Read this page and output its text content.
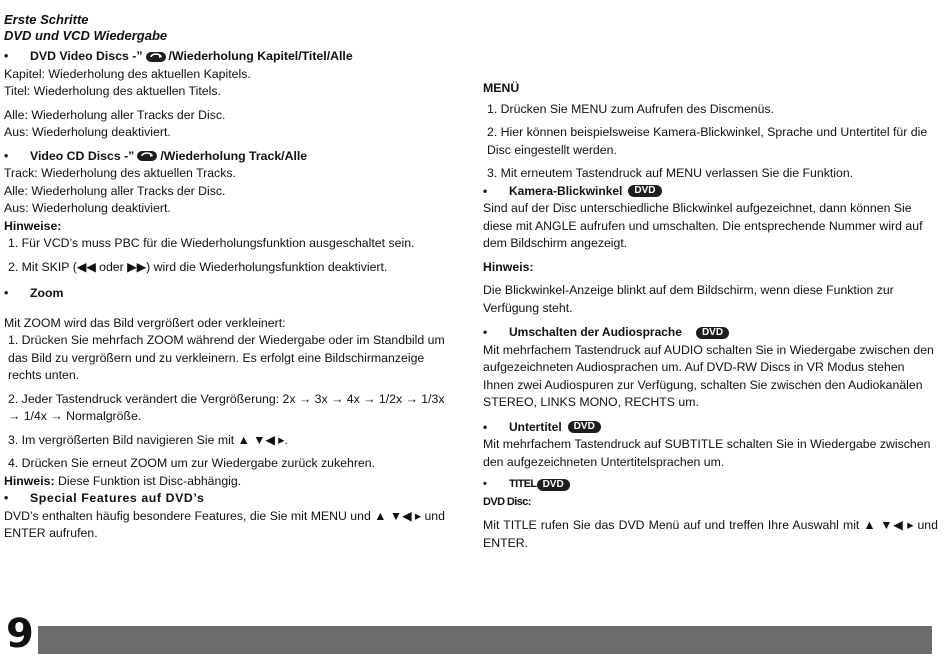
Erste Schritte
DVD und VCD Wiedergabe
•	DVD Video Discs -” /Wiederholung Kapitel/Titel/Alle

Kapitel: Wiederholung des aktuellen Kapitels.

Titel: Wiederholung des aktuellen Titels.

Alle: Wiederholung aller Tracks der Disc.

Aus: Wiederholung deaktiviert.

•	Video CD Discs -” /Wiederholung Track/Alle

Track: Wiederholung des aktuellen Tracks.

Alle: Wiederholung aller Tracks der Disc.

Aus: Wiederholung deaktiviert.

Hinweise:

1. Für VCD’s muss PBC für die Wiederholungsfunktion ausgeschaltet sein.

2. Mit SKIP (◀◀ oder ▶▶) wird die Wiederholungsfunktion deaktiviert.

•	Zoom

Mit ZOOM wird das Bild vergrößert oder verkleinert:

1. Drücken Sie mehrfach ZOOM während der Wiedergabe oder im Standbild um das Bild zu vergrößern und zu verkleinern. Es erfolgt eine Bildschirmanzeige rechts unten.

2. Jeder Tastendruck verändert die Vergrößerung: 2x → 3x → 4x → 1/2x → 1/3x → 1/4x → Normalgröße.

3. Im vergrößerten Bild navigieren Sie mit ▲ ▼◀ ▸.

4. Drücken Sie erneut ZOOM um zur Wiedergabe zurück zukehren.

Hinweis: Diese Funktion ist Disc-abhängig.

•	Special Features auf DVD’s

DVD’s enthalten häufig besondere Features, die Sie mit MENU und ▲ ▼◀ ▸ und ENTER aufrufen.

MENÜ

1. Drücken Sie MENU zum Aufrufen des Discmenüs.

2. Hier können beispielsweise Kamera-Blickwinkel, Sprache und Untertitel für die Disc eingestellt werden.

3. Mit erneutem Tastendruck auf MENU verlassen Sie die Funktion.

•	Kamera-Blickwinkel	DVD

Sind auf der Disc unterschiedliche Blickwinkel aufgezeichnet, dann können Sie diese mit ANGLE aufrufen und umschalten. Die entsprechende Nummer wird auf dem Bildschirm angezeigt.

Hinweis:

Die Blickwinkel-Anzeige blinkt auf dem Bildschirm, wenn diese Funktion zur Verfügung steht.

•	Umschalten der Audiosprache	DVD

Mit mehrfachem Tastendruck auf AUDIO schalten Sie in Wiedergabe zwischen den aufgezeichneten Audiosprachen um. Auf DVD-RW Discs in VR Modus stehen Ihnen zwei Audiospuren zur Verfügung, schalten Sie zwischen den Audiokanälen STEREO, LINKS MONO, RECHTS um.

•	Untertitel	DVD

Mit mehrfachem Tastendruck auf SUBTITLE schalten Sie in Wiedergabe zwischen den aufgezeichneten Untertitelsprachen um.

•	TITEL DVD

DVD Disc:

Mit TITLE rufen Sie das DVD Menü auf und treffen Ihre Auswahl mit ▲ ▼◀ ▸ und ENTER.

9
